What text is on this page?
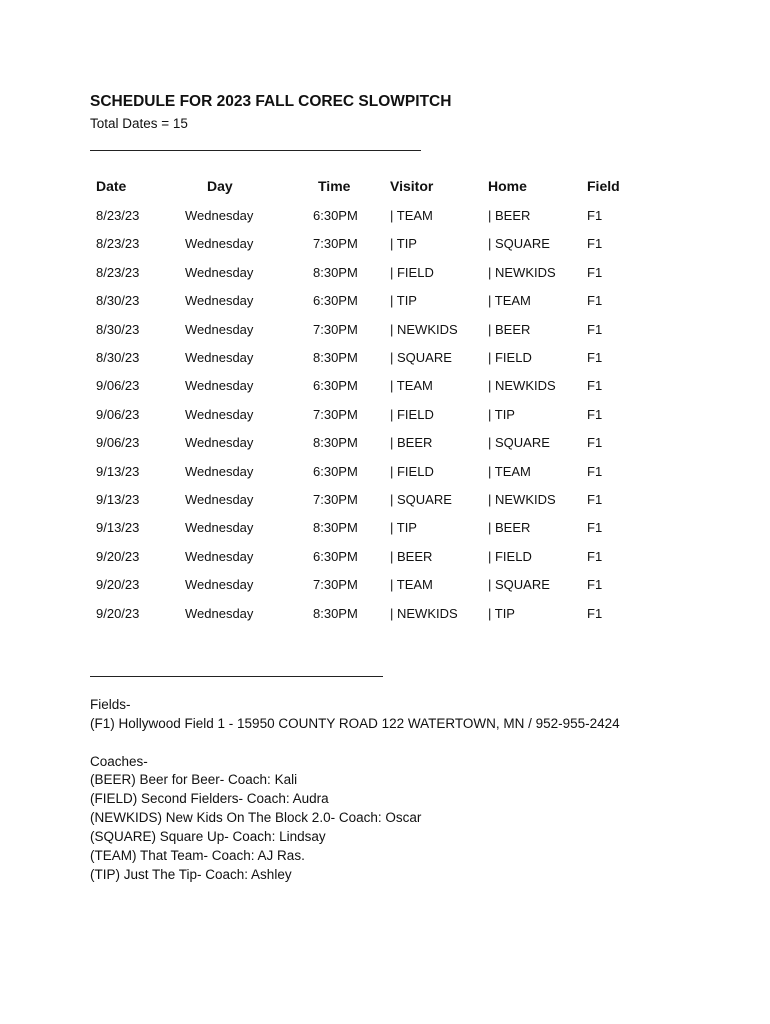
SCHEDULE FOR 2023 FALL COREC SLOWPITCH
Total Dates = 15
Date	Day	Time	Visitor	Home	Field
8/23/23	Wednesday	6:30PM | TEAM	| BEER	F1
8/23/23	Wednesday	7:30PM | TIP	| SQUARE	F1
8/23/23	Wednesday	8:30PM | FIELD	| NEWKIDS F1
8/30/23	Wednesday	6:30PM | TIP	| TEAM	F1
8/30/23	Wednesday	7:30PM | NEWKIDS | BEER	F1
8/30/23	Wednesday	8:30PM | SQUARE	| FIELD	F1
9/06/23	Wednesday	6:30PM | TEAM	| NEWKIDS F1
9/06/23	Wednesday	7:30PM | FIELD	| TIP	F1
9/06/23	Wednesday	8:30PM | BEER	| SQUARE	F1
9/13/23	Wednesday	6:30PM | FIELD	| TEAM	F1
9/13/23	Wednesday	7:30PM | SQUARE	| NEWKIDS F1
9/13/23	Wednesday	8:30PM | TIP	| BEER	F1
9/20/23	Wednesday	6:30PM | BEER	| FIELD	F1
9/20/23	Wednesday	7:30PM | TEAM	| SQUARE	F1
9/20/23	Wednesday	8:30PM | NEWKIDS | TIP	F1
Fields-
(F1) Hollywood Field 1 - 15950 COUNTY ROAD 122 WATERTOWN, MN / 952-955-2424
Coaches-
(BEER) Beer for Beer- Coach: Kali
(FIELD) Second Fielders- Coach: Audra
(NEWKIDS) New Kids On The Block 2.0- Coach: Oscar
(SQUARE) Square Up- Coach: Lindsay
(TEAM) That Team- Coach: AJ Ras.
(TIP) Just The Tip- Coach: Ashley
